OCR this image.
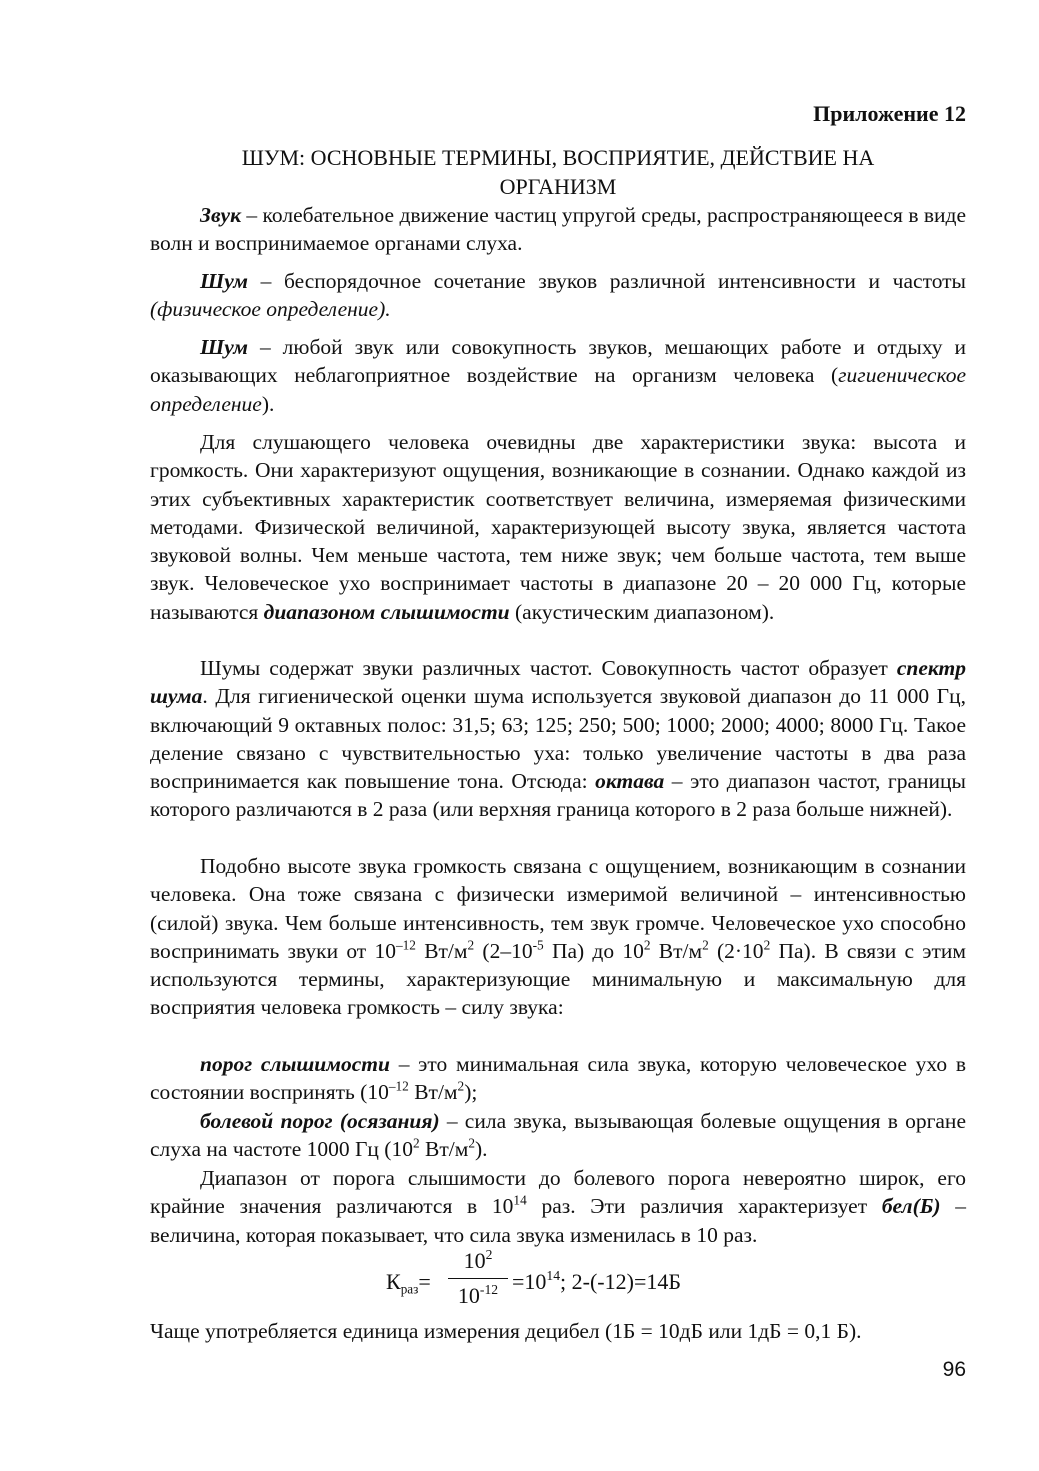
Приложение 12
ШУМ: ОСНОВНЫЕ ТЕРМИНЫ, ВОСПРИЯТИЕ, ДЕЙСТВИЕ НА
ОРГАНИЗМ
Звук – колебательное движение частиц упругой среды, распространяющееся в виде волн и воспринимаемое органами слуха.
Шум – беспорядочное сочетание звуков различной интенсивности и частоты (физическое определение).
Шум – любой звук или совокупность звуков, мешающих работе и отдыху и оказывающих неблагоприятное воздействие на организм человека (гигиеническое определение).
Для слушающего человека очевидны две характеристики звука: высота и громкость. Они характеризуют ощущения, возникающие в сознании. Однако каждой из этих субъективных характеристик соответствует величина, измеряемая физическими методами. Физической величиной, характеризующей высоту звука, является частота звуковой волны. Чем меньше частота, тем ниже звук; чем больше частота, тем выше звук. Человеческое ухо воспринимает частоты в диапазоне 20 – 20 000 Гц, которые называются диапазоном слышимости (акустическим диапазоном).
Шумы содержат звуки различных частот. Совокупность частот образует спектр шума. Для гигиенической оценки шума используется звуковой диапазон до 11 000 Гц, включающий 9 октавных полос: 31,5; 63; 125; 250; 500; 1000; 2000; 4000; 8000 Гц. Такое деление связано с чувствительностью уха: только увеличение частоты в два раза воспринимается как повышение тона. Отсюда: октава – это диапазон частот, границы которого различаются в 2 раза (или верхняя граница которого в 2 раза больше нижней).
Подобно высоте звука громкость связана с ощущением, возникающим в сознании человека. Она тоже связана с физически измеримой величиной – интенсивностью (силой) звука. Чем больше интенсивность, тем звук громче. Человеческое ухо способно воспринимать звуки от $10^{-12}$ $Вт/м^2$ ($2-10^{-5}$ Па) до $10^2$ $Вт/м^2$ ($2\cdot 10^2$ Па). В связи с этим используются термины, характеризующие минимальную и максимальную для восприятия человека громкость – силу звука:
порог слышимости – это минимальная сила звука, которую человеческое ухо в состоянии воспринять ($10^{-12}$ $Вт/м^2$);
болевой порог (осязания) – сила звука, вызывающая болевые ощущения в органе слуха на частоте 1000 Гц ($10^2$ $Вт/м^2$).
Диапазон от порога слышимости до болевого порога невероятно широк, его крайние значения различаются в $10^{14}$ раз. Эти различия характеризует бел(Б) – величина, которая показывает, что сила звука изменилась в 10 раз.
$К_{раз}=$
$10^2$
$10^{-12} =10^{14}$; 2-(-12)=14Б
Чаще употребляется единица измерения децибел (1Б = 10дБ или 1дБ = 0,1 Б).
96
